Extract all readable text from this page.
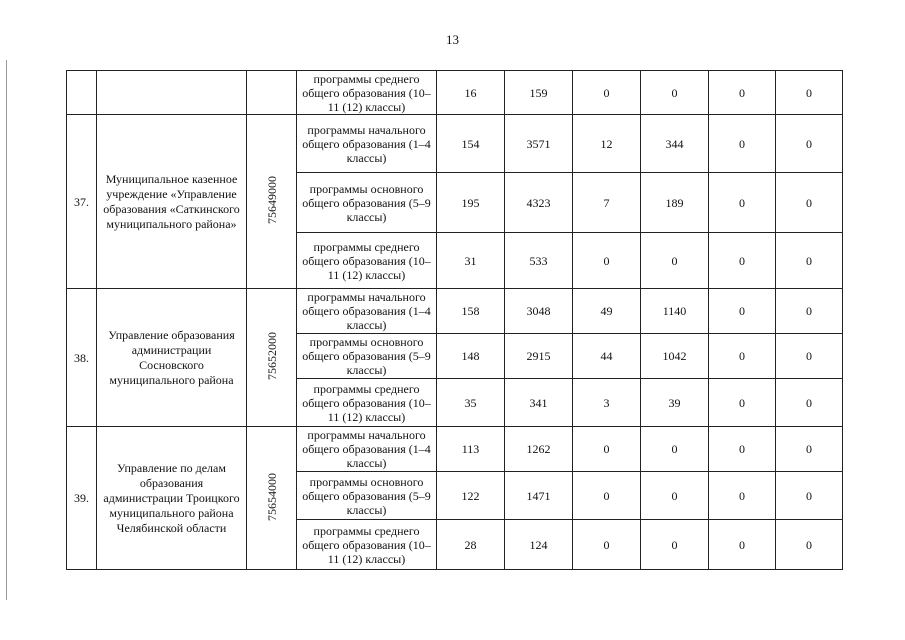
13
			программы среднего общего образования (10–11 (12) классы)	16	159	0	0	0	0
37.	Муниципальное казенное учреждение «Управление образования «Саткинского муниципального района»	75649000	программы начального общего образования (1–4 классы)	154	3571	12	344	0	0
			программы основного общего образования (5–9 классы)	195	4323	7	189	0	0
			программы среднего общего образования (10–11 (12) классы)	31	533	0	0	0	0
38.	Управление образования администрации Сосновского муниципального района	75652000	программы начального общего образования (1–4 классы)	158	3048	49	1140	0	0
			программы основного общего образования (5–9 классы)	148	2915	44	1042	0	0
			программы среднего общего образования (10–11 (12) классы)	35	341	3	39	0	0
39.	Управление по делам образования администрации Троицкого муниципального района Челябинской области	75654000	программы начального общего образования (1–4 классы)	113	1262	0	0	0	0
			программы основного общего образования (5–9 классы)	122	1471	0	0	0	0
			программы среднего общего образования (10–11 (12) классы)	28	124	0	0	0	0
